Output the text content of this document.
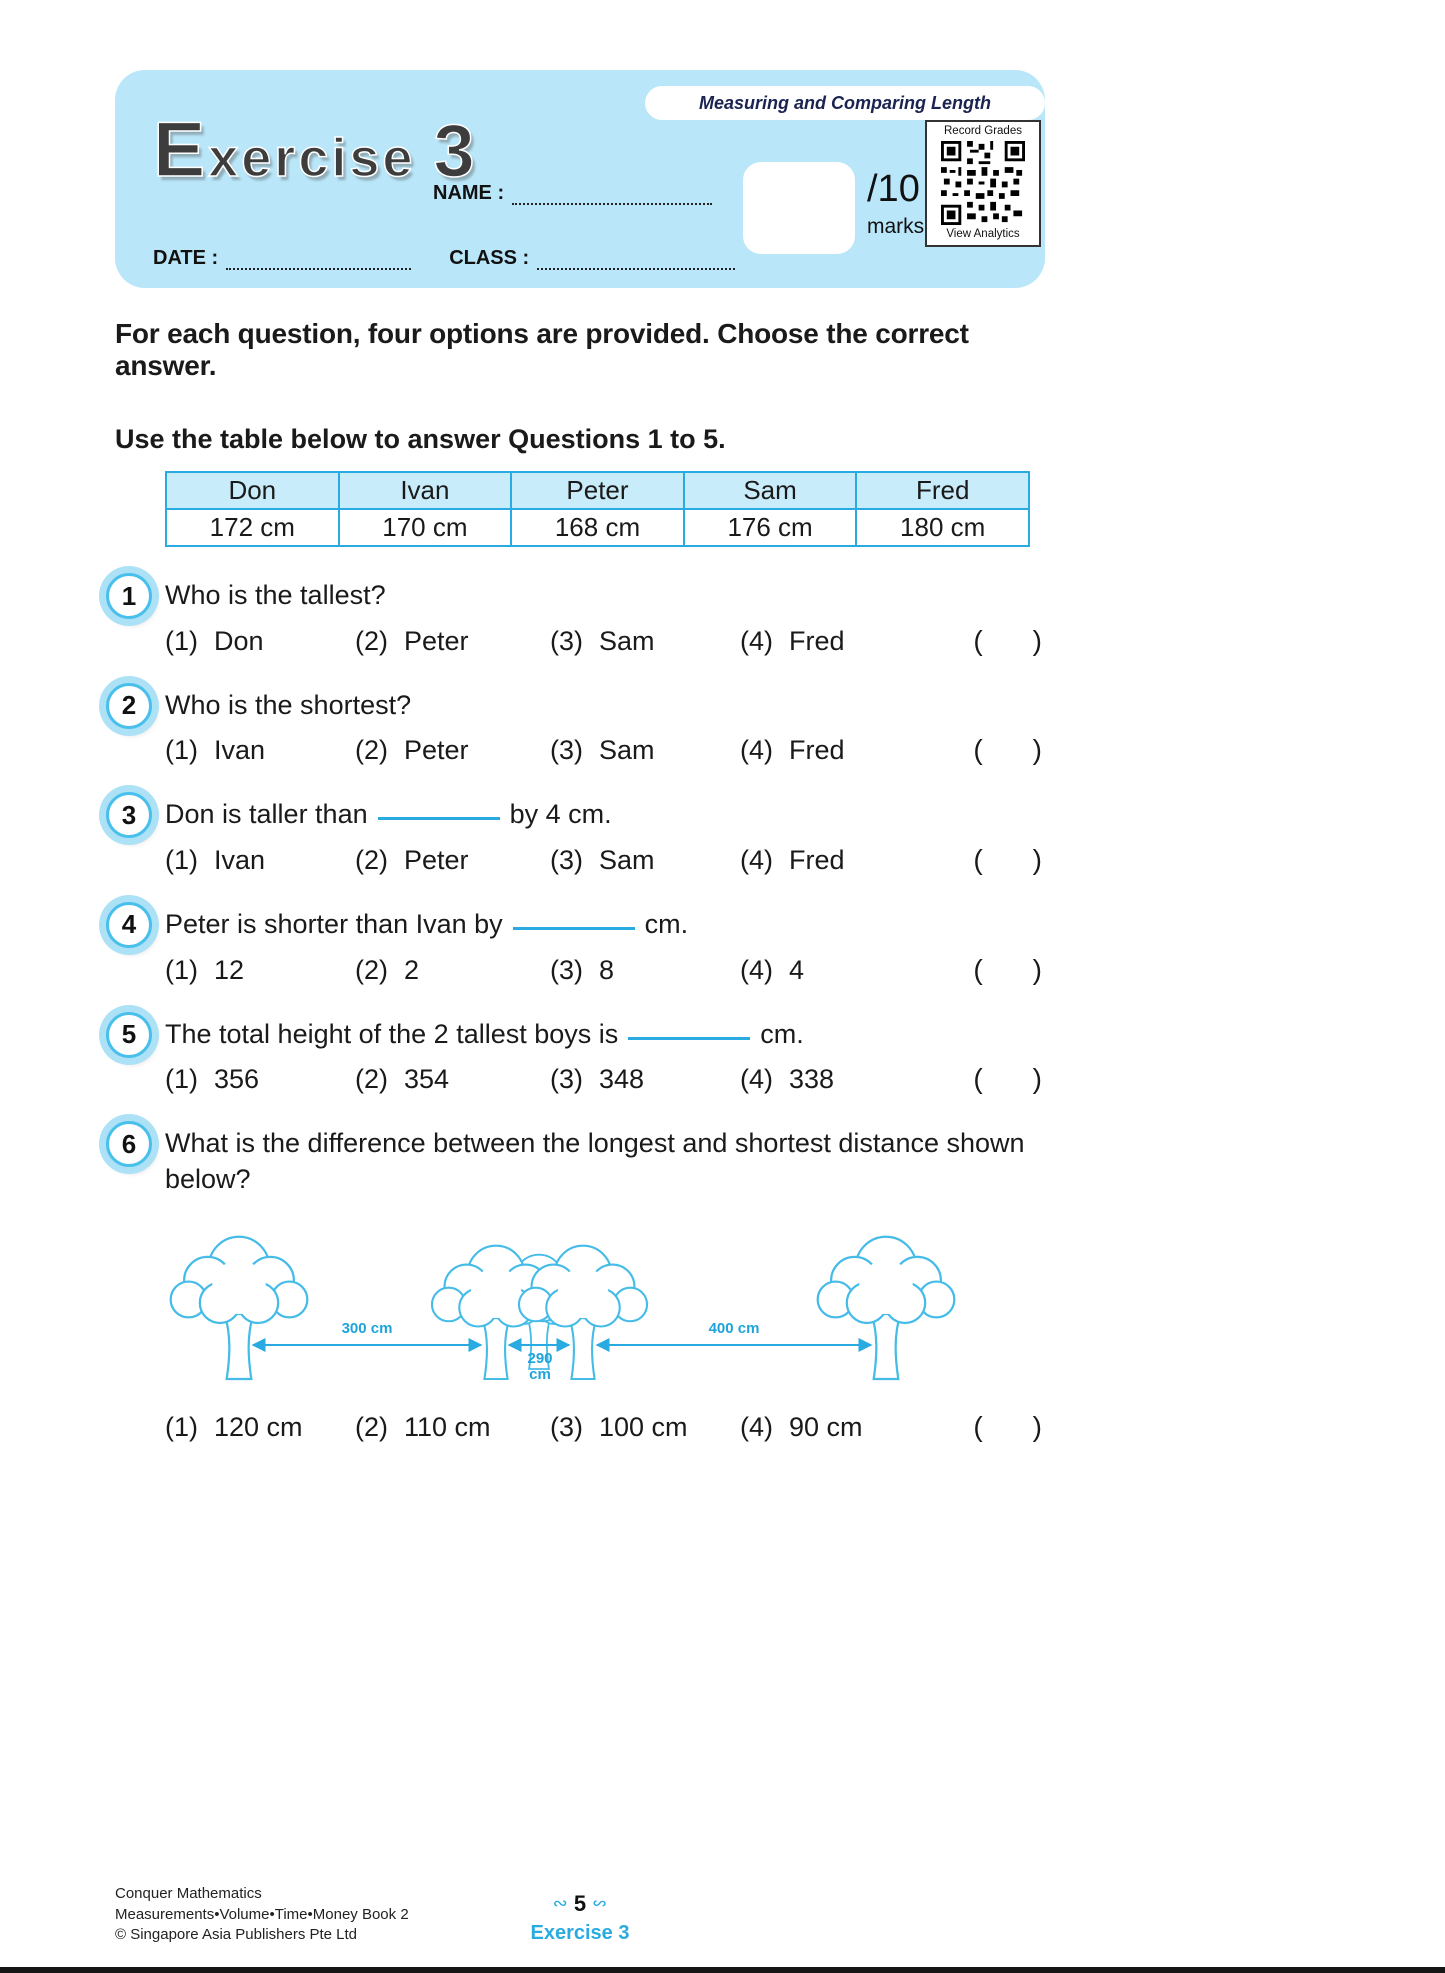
Measuring and Comparing Length
Exercise 3
NAME :	/10
marks
Record Grades
View Analytics
DATE :	CLASS :
For each question, four options are provided. Choose the correct answer.
Use the table below to answer Questions 1 to 5.
Don	Ivan	Peter	Sam	Fred
172 cm	170 cm	168 cm	176 cm	180 cm
1	Who is the tallest?
(1) Don	(2) Peter	(3) Sam	(4) Fred	( )
2	Who is the shortest?
(1) Ivan	(2) Peter	(3) Sam	(4) Fred	( )
3	Don is taller than	by 4 cm.
(1) Ivan	(2) Peter	(3) Sam	(4) Fred	( )
4	Peter is shorter than Ivan by	cm.
(1) 12	(2) 2	(3) 8	(4) 4	( )
5	The total height of the 2 tallest boys is	cm.
(1) 356	(2) 354	(3) 348	(4) 338	( )
6	What is the difference between the longest and shortest distance shown below?
300 cm
290
cm
400 cm
(1) 120 cm	(2) 110 cm	(3) 100 cm	(4) 90 cm	( )
Conquer Mathematics
Measurements•Volume•Time•Money Book 2
© Singapore Asia Publishers Pte Ltd
∾ 5 ∾
Exercise 3
